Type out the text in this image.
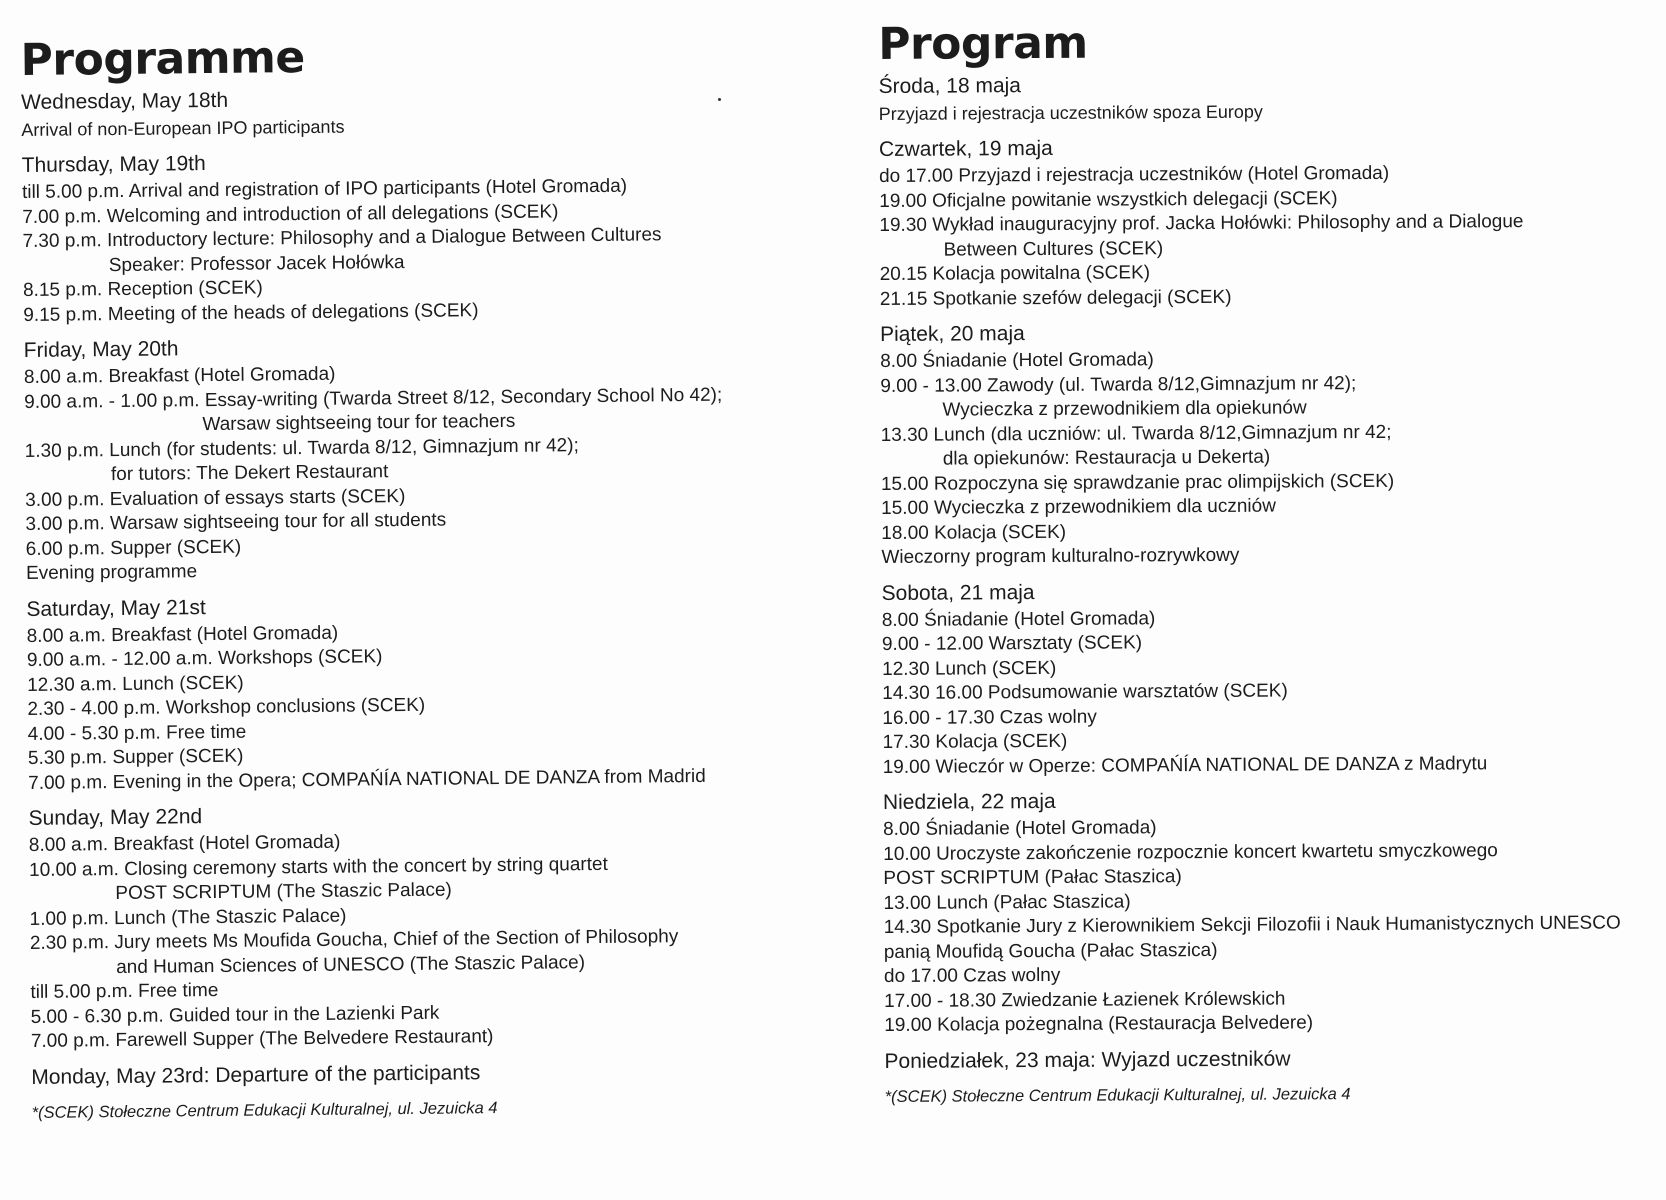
Programme
Wednesday, May 18th
Arrival of non-European IPO participants
Thursday, May 19th
till 5.00 p.m. Arrival and registration of IPO participants (Hotel Gromada)
7.00 p.m. Welcoming and introduction of all delegations (SCEK)
7.30 p.m. Introductory lecture: Philosophy and a Dialogue Between Cultures
Speaker: Professor Jacek Hołówka
8.15 p.m. Reception (SCEK)
9.15 p.m. Meeting of the heads of delegations (SCEK)
Friday, May 20th
8.00 a.m. Breakfast (Hotel Gromada)
9.00 a.m. - 1.00 p.m. Essay-writing (Twarda Street 8/12, Secondary School No 42);
Warsaw sightseeing tour for teachers
1.30 p.m. Lunch (for students: ul. Twarda 8/12, Gimnazjum nr 42);
for tutors: The Dekert Restaurant
3.00 p.m. Evaluation of essays starts (SCEK)
3.00 p.m. Warsaw sightseeing tour for all students
6.00 p.m. Supper (SCEK)
Evening programme
Saturday, May 21st
8.00 a.m. Breakfast (Hotel Gromada)
9.00 a.m. - 12.00 a.m. Workshops (SCEK)
12.30 a.m. Lunch (SCEK)
2.30 - 4.00 p.m. Workshop conclusions (SCEK)
4.00 - 5.30 p.m. Free time
5.30 p.m. Supper (SCEK)
7.00 p.m. Evening in the Opera; COMPAŃÍA NATIONAL DE DANZA from Madrid
Sunday, May 22nd
8.00 a.m. Breakfast (Hotel Gromada)
10.00 a.m. Closing ceremony starts with the concert by string quartet
POST SCRIPTUM (The Staszic Palace)
1.00 p.m. Lunch (The Staszic Palace)
2.30 p.m. Jury meets Ms Moufida Goucha, Chief of the Section of Philosophy
and Human Sciences of UNESCO (The Staszic Palace)
till 5.00 p.m. Free time
5.00 - 6.30 p.m. Guided tour in the Lazienki Park
7.00 p.m. Farewell Supper (The Belvedere Restaurant)
Monday, May 23rd: Departure of the participants
*(SCEK) Stołeczne Centrum Edukacji Kulturalnej, ul. Jezuicka 4
Program
Środa, 18 maja
Przyjazd i rejestracja uczestników spoza Europy
Czwartek, 19 maja
do 17.00 Przyjazd i rejestracja uczestników (Hotel Gromada)
19.00 Oficjalne powitanie wszystkich delegacji (SCEK)
19.30 Wykład inauguracyjny prof. Jacka Hołówki: Philosophy and a Dialogue
Between Cultures (SCEK)
20.15 Kolacja powitalna (SCEK)
21.15 Spotkanie szefów delegacji (SCEK)
Piątek, 20 maja
8.00 Śniadanie (Hotel Gromada)
9.00 - 13.00 Zawody (ul. Twarda 8/12,Gimnazjum nr 42);
Wycieczka z przewodnikiem dla opiekunów
13.30 Lunch (dla uczniów: ul. Twarda 8/12,Gimnazjum nr 42;
dla opiekunów: Restauracja u Dekerta)
15.00 Rozpoczyna się sprawdzanie prac olimpijskich (SCEK)
15.00 Wycieczka z przewodnikiem dla uczniów
18.00 Kolacja (SCEK)
Wieczorny program kulturalno-rozrywkowy
Sobota, 21 maja
8.00 Śniadanie (Hotel Gromada)
9.00 - 12.00 Warsztaty (SCEK)
12.30 Lunch (SCEK)
14.30 16.00 Podsumowanie warsztatów (SCEK)
16.00 - 17.30 Czas wolny
17.30 Kolacja (SCEK)
19.00 Wieczór w Operze: COMPAŃÍA NATIONAL DE DANZA z Madrytu
Niedziela, 22 maja
8.00 Śniadanie (Hotel Gromada)
10.00 Uroczyste zakończenie rozpocznie koncert kwartetu smyczkowego
POST SCRIPTUM (Pałac Staszica)
13.00 Lunch (Pałac Staszica)
14.30 Spotkanie Jury z Kierownikiem Sekcji Filozofii i Nauk Humanistycznych UNESCO
panią Moufidą Goucha (Pałac Staszica)
do 17.00 Czas wolny
17.00 - 18.30 Zwiedzanie Łazienek Królewskich
19.00 Kolacja pożegnalna (Restauracja Belvedere)
Poniedziałek, 23 maja: Wyjazd uczestników
*(SCEK) Stołeczne Centrum Edukacji Kulturalnej, ul. Jezuicka 4
